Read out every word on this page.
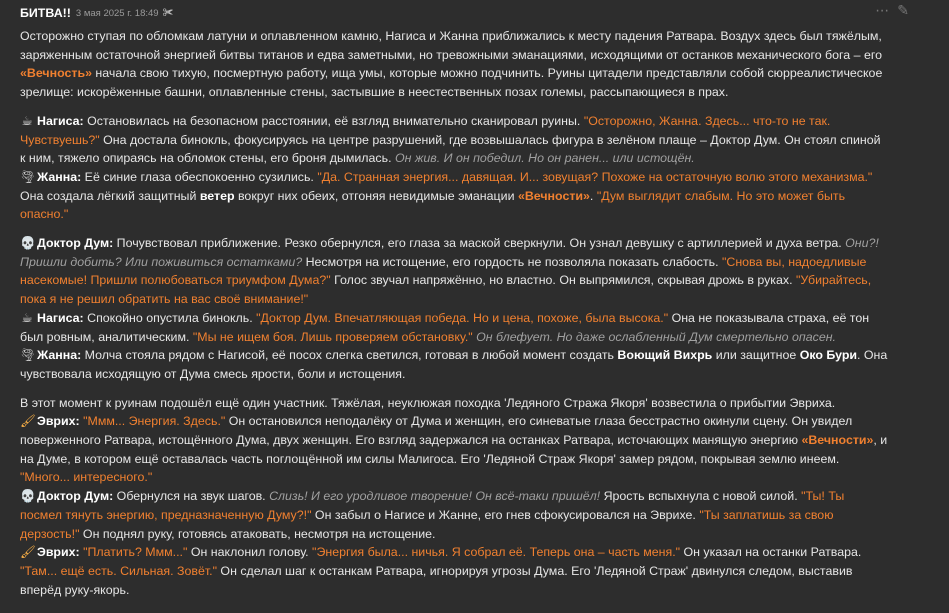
БИТВА!! 3 мая 2025 г. 18:49 ✀	⋯ ✎

Осторожно ступая по обломкам латуни и оплавленном камню, Нагиса и Жанна приближались к месту падения Ратвара. Воздух здесь был тяжёлым, заряженным остаточной энергией битвы титанов и едва заметными, но тревожными эманациями, исходящими от останков механического бога – его «Вечность» начала свою тихую, посмертную работу, ища умы, которые можно подчинить. Руины цитадели представляли собой сюрреалистическое зрелище: искорёженные башни, оплавленные стены, застывшие в неестественных позах големы, рассыпающиеся в прах.

☕ Нагиса: Остановилась на безопасном расстоянии, её взгляд внимательно сканировал руины. "Осторожно, Жанна. Здесь... что-то не так. Чувствуешь?" Она достала бинокль, фокусируясь на центре разрушений, где возвышалась фигура в зелёном плаще – Доктор Дум. Он стоял спиной к ним, тяжело опираясь на обломок стены, его броня дымилась. Он жив. И он победил. Но он ранен... или истощён.

🌪Жанна: Её синие глаза обеспокоенно сузились. "Да. Странная энергия... давящая. И... зовущая? Похоже на остаточную волю этого механизма." Она создала лёгкий защитный ветер вокруг них обеих, отгоняя невидимые эманации «Вечности». "Дум выглядит слабым. Но это может быть опасно."

💀 Доктор Дум: Почувствовал приближение. Резко обернулся, его глаза за маской сверкнули. Он узнал девушку с артиллерией и духа ветра. Они?! Пришли добить? Или поживиться остатками? Несмотря на истощение, его гордость не позволяла показать слабость. "Снова вы, надоедливые насекомые! Пришли полюбоваться триумфом Дума?" Голос звучал напряжённо, но властно. Он выпрямился, скрывая дрожь в руках. "Убирайтесь, пока я не решил обратить на вас своё внимание!"

☕ Нагиса: Спокойно опустила бинокль. "Доктор Дум. Впечатляющая победа. Но и цена, похоже, была высока." Она не показывала страха, её тон был ровным, аналитическим. "Мы не ищем боя. Лишь проверяем обстановку." Он блефует. Но даже ослабленный Дум смертельно опасен.

🌪Жанна: Молча стояла рядом с Нагисой, её посох слегка светился, готовая в любой момент создать Воющий Вихрь или защитное Око Бури. Она чувствовала исходящую от Дума смесь ярости, боли и истощения.

В этот момент к руинам подошёл ещё один участник. Тяжёлая, неуклюжая походка 'Ледяного Стража Якоря' возвестила о прибытии Эвриха.

🖌Эврих: "Ммм... Энергия. Здесь." Он остановился неподалёку от Дума и женщин, его синеватые глаза бесстрастно окинули сцену. Он увидел поверженного Ратвара, истощённого Дума, двух женщин. Его взгляд задержался на останках Ратвара, источающих манящую энергию «Вечности», и на Думе, в котором ещё оставалась часть поглощённой им силы Малигоса. Его 'Ледяной Страж Якоря' замер рядом, покрывая землю инеем. "Много... интересного."

💀 Доктор Дум: Обернулся на звук шагов. Слизь! И его уродливое творение! Он всё-таки пришёл! Ярость вспыхнула с новой силой. "Ты! Ты посмел тянуть энергию, предназначенную Думу?!" Он забыл о Нагисе и Жанне, его гнев сфокусировался на Эврихе. "Ты заплатишь за свою дерзость!" Он поднял руку, готовясь атаковать, несмотря на истощение.

🖌Эврих: "Платить? Ммм..." Он наклонил голову. "Энергия была... ничья. Я собрал её. Теперь она – часть меня." Он указал на останки Ратвара. "Там... ещё есть. Сильная. Зовёт." Он сделал шаг к останкам Ратвара, игнорируя угрозы Дума. Его 'Ледяной Страж' двинулся следом, выставив вперёд руку-якорь.
